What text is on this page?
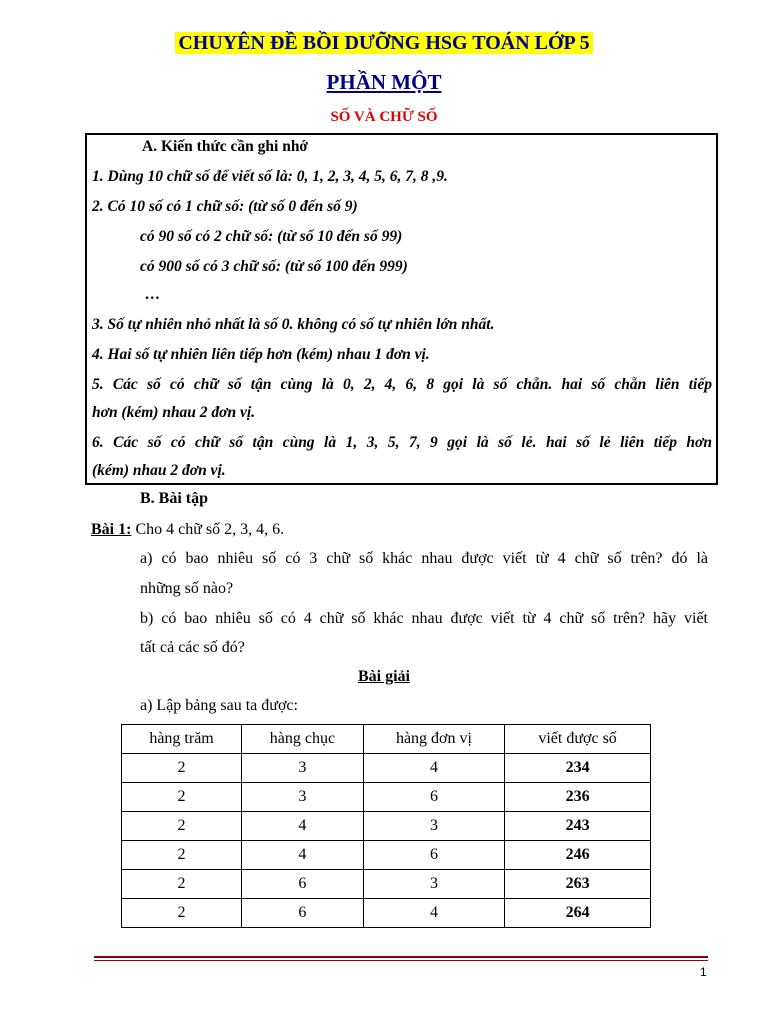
CHUYÊN ĐỀ BỒI DƯỠNG HSG TOÁN LỚP 5
PHẦN MỘT
SỐ VÀ CHỮ SỐ
A. Kiến thức cần ghi nhớ
1. Dùng 10 chữ số để viết số là: 0, 1, 2, 3, 4, 5, 6, 7, 8 ,9.
2. Có 10 số có 1 chữ số: (từ số 0 đến số 9)
có 90 số có 2 chữ số: (từ số 10 đến số 99)
có 900 số có 3 chữ số: (từ số 100 đến 999)
…
3. Số tự nhiên nhỏ nhất là số 0. không có số tự nhiên lớn nhất.
4. Hai số tự nhiên liên tiếp hơn (kém) nhau 1 đơn vị.
5. Các số có chữ số tận cùng là 0, 2, 4, 6, 8 gọi là số chẵn. hai số chẵn liên tiếp
hơn (kém) nhau 2 đơn vị.
6. Các số có chữ số tận cùng là 1, 3, 5, 7, 9 gọi là số lẻ. hai số lẻ liên tiếp hơn
(kém) nhau 2 đơn vị.
B. Bài tập
Bài 1: Cho 4 chữ số 2, 3, 4, 6.
a) có bao nhiêu số có 3 chữ số khác nhau được viết từ 4 chữ số trên? đó là
những số nào?
b) có bao nhiêu số có 4 chữ số khác nhau được viết từ 4 chữ số trên? hãy viết
tất cả các số đó?
Bài giải
a) Lập bảng sau ta được:
hàng trăm	hàng chục	hàng đơn vị	viết được số
2	3	4	234
2	3	6	236
2	4	3	243
2	4	6	246
2	6	3	263
2	6	4	264
1
